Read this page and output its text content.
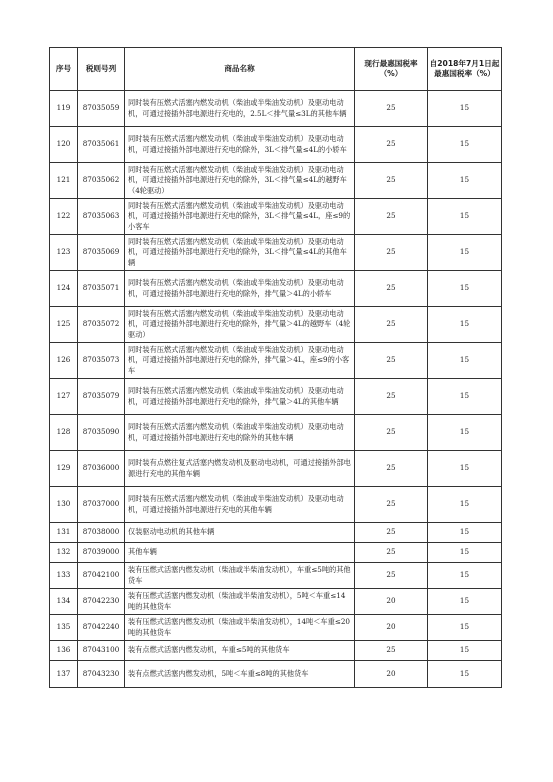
序号	税则号列	商品名称	现行最惠国税率（%）	自2018年7月1日起最惠国税率（%）
119	87035059	同时装有压燃式活塞内燃发动机（柴油或半柴油发动机）及驱动电动机，可通过接插外部电源进行充电的，2.5L＜排气量≤3L的其他车辆	25	15
120	87035061	同时装有压燃式活塞内燃发动机（柴油或半柴油发动机）及驱动电动机，可通过接插外部电源进行充电的除外，3L＜排气量≤4L的小轿车	25	15
121	87035062	同时装有压燃式活塞内燃发动机（柴油或半柴油发动机）及驱动电动机，可通过接插外部电源进行充电的除外，3L＜排气量≤4L的越野车（4轮驱动）	25	15
122	87035063	同时装有压燃式活塞内燃发动机（柴油或半柴油发动机）及驱动电动机，可通过接插外部电源进行充电的除外，3L＜排气量≤4L，座≤9的小客车	25	15
123	87035069	同时装有压燃式活塞内燃发动机（柴油或半柴油发动机）及驱动电动机，可通过接插外部电源进行充电的除外，3L＜排气量≤4L的其他车辆	25	15
124	87035071	同时装有压燃式活塞内燃发动机（柴油或半柴油发动机）及驱动电动机，可通过接插外部电源进行充电的除外，排气量＞4L的小轿车	25	15
125	87035072	同时装有压燃式活塞内燃发动机（柴油或半柴油发动机）及驱动电动机，可通过接插外部电源进行充电的除外，排气量＞4L的越野车（4轮驱动）	25	15
126	87035073	同时装有压燃式活塞内燃发动机（柴油或半柴油发动机）及驱动电动机，可通过接插外部电源进行充电的除外，排气量＞4L，座≤9的小客车	25	15
127	87035079	同时装有压燃式活塞内燃发动机（柴油或半柴油发动机）及驱动电动机，可通过接插外部电源进行充电的除外，排气量＞4L的其他车辆	25	15
128	87035090	同时装有压燃式活塞内燃发动机（柴油或半柴油发动机）及驱动电动机，可通过接插外部电源进行充电的除外的其他车辆	25	15
129	87036000	同时装有点燃往复式活塞内燃发动机及驱动电动机，可通过接插外部电源进行充电的其他车辆	25	15
130	87037000	同时装有压燃式活塞内燃发动机（柴油或半柴油发动机）及驱动电动机，可通过接插外部电源进行充电的其他车辆	25	15
131	87038000	仅装驱动电动机的其他车辆	25	15
132	87039000	其他车辆	25	15
133	87042100	装有压燃式活塞内燃发动机（柴油或半柴油发动机），车重≤5吨的其他货车	25	15
134	87042230	装有压燃式活塞内燃发动机（柴油或半柴油发动机），5吨＜车重≤14吨的其他货车	20	15
135	87042240	装有压燃式活塞内燃发动机（柴油或半柴油发动机），14吨＜车重≤20吨的其他货车	20	15
136	87043100	装有点燃式活塞内燃发动机，车重≤5吨的其他货车	25	15
137	87043230	装有点燃式活塞内燃发动机，5吨＜车重≤8吨的其他货车	20	15
